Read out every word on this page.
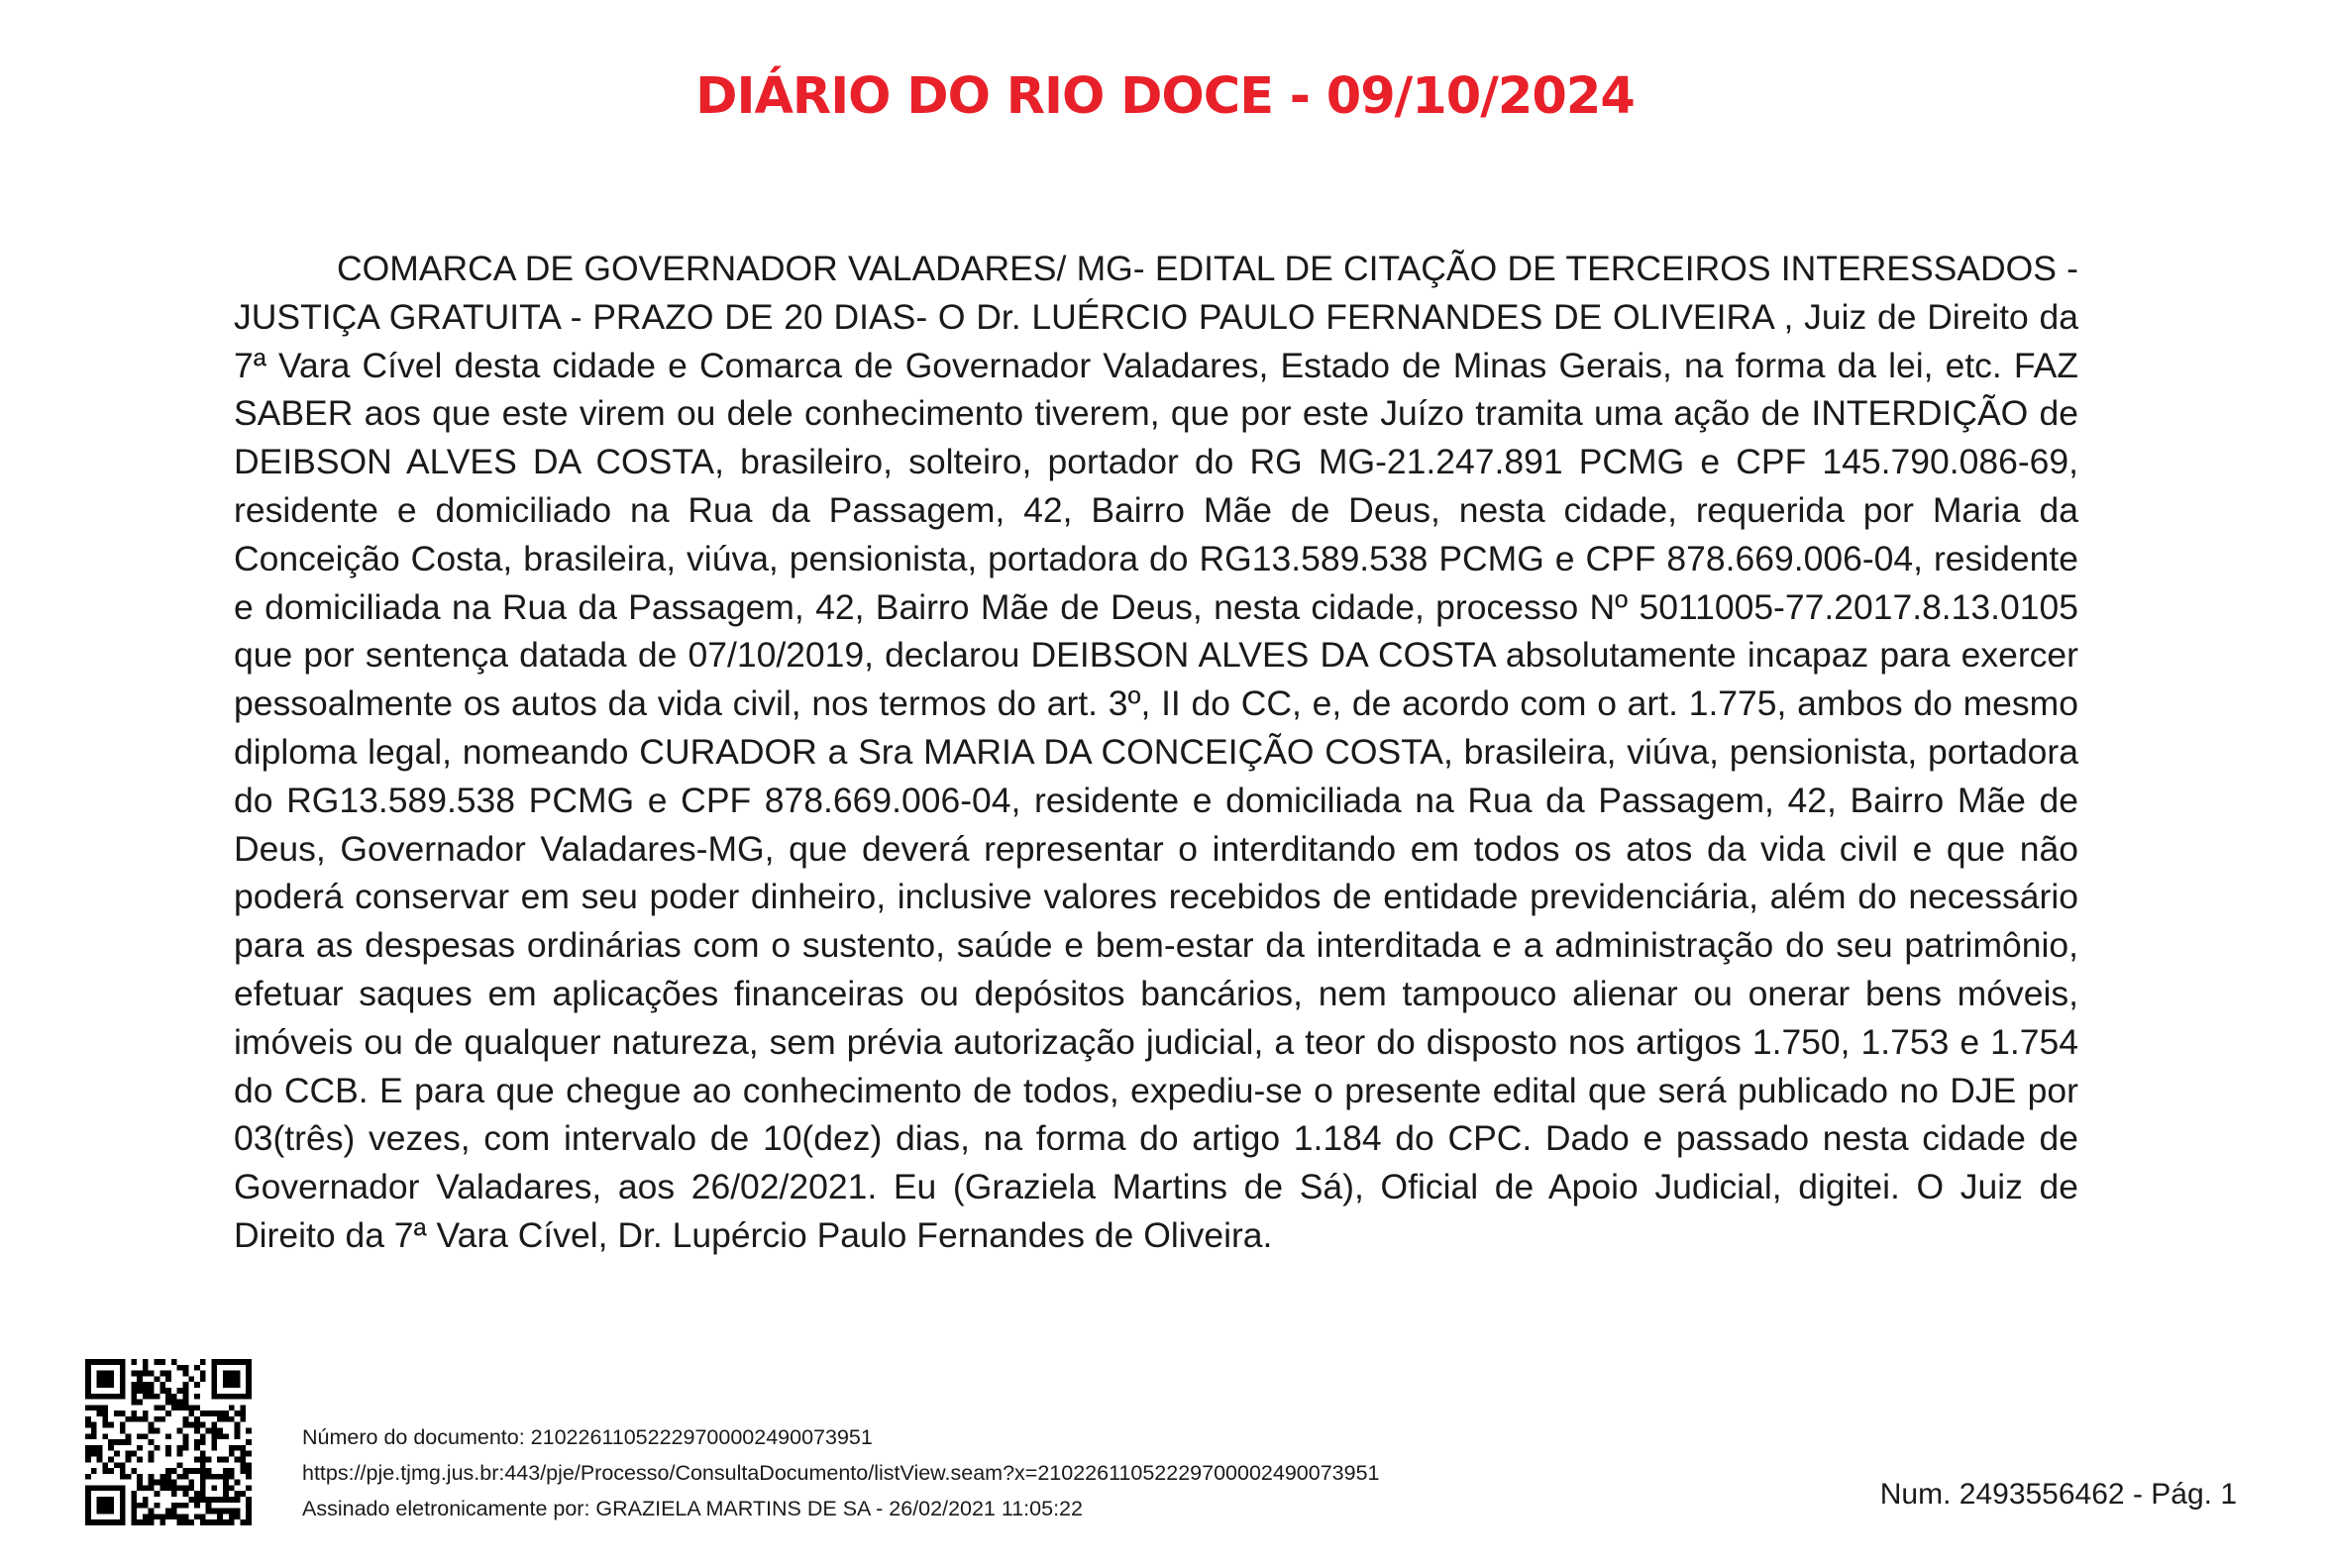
DIÁRIO DO RIO DOCE - 09/10/2024

COMARCA DE GOVERNADOR VALADARES/ MG- EDITAL DE CITAÇÃO DE TERCEIROS INTERESSADOS - JUSTIÇA GRATUITA - PRAZO DE 20 DIAS- O Dr. LUÉRCIO PAULO FERNANDES DE OLIVEIRA , Juiz de Direito da 7ª Vara Cível desta cidade e Comarca de Governador Valadares, Estado de Minas Gerais, na forma da lei, etc. FAZ SABER aos que este virem ou dele conhecimento tiverem, que por este Juízo tramita uma ação de INTERDIÇÃO de DEIBSON ALVES DA COSTA, brasileiro, solteiro, portador do RG MG-21.247.891 PCMG e CPF 145.790.086-69, residente e domiciliado na Rua da Passagem, 42, Bairro Mãe de Deus, nesta cidade, requerida por Maria da Conceição Costa, brasileira, viúva, pensionista, portadora do RG13.589.538 PCMG e CPF 878.669.006-04, residente e domiciliada na Rua da Passagem, 42, Bairro Mãe de Deus, nesta cidade, processo Nº 5011005-77.2017.8.13.0105 que por sentença datada de 07/10/2019, declarou DEIBSON ALVES DA COSTA absolutamente incapaz para exercer pessoalmente os autos da vida civil, nos termos do art. 3º, II do CC, e, de acordo com o art. 1.775, ambos do mesmo diploma legal, nomeando CURADOR a Sra MARIA DA CONCEIÇÃO COSTA, brasileira, viúva, pensionista, portadora do RG13.589.538 PCMG e CPF 878.669.006-04, residente e domiciliada na Rua da Passagem, 42, Bairro Mãe de Deus, Governador Valadares-MG, que deverá representar o interditando em todos os atos da vida civil e que não poderá conservar em seu poder dinheiro, inclusive valores recebidos de entidade previdenciária, além do necessário para as despesas ordinárias com o sustento, saúde e bem-estar da interditada e a administração do seu patrimônio, efetuar saques em aplicações financeiras ou depósitos bancários, nem tampouco alienar ou onerar bens móveis, imóveis ou de qualquer natureza, sem prévia autorização judicial, a teor do disposto nos artigos 1.750, 1.753 e 1.754 do CCB. E para que chegue ao conhecimento de todos, expediu-se o presente edital que será publicado no DJE por 03(três) vezes, com intervalo de 10(dez) dias, na forma do artigo 1.184 do CPC. Dado e passado nesta cidade de Governador Valadares, aos 26/02/2021. Eu (Graziela Martins de Sá), Oficial de Apoio Judicial, digitei. O Juiz de Direito da 7ª Vara Cível, Dr. Lupércio Paulo Fernandes de Oliveira.

Número do documento: 21022611052229700002490073951
https://pje.tjmg.jus.br:443/pje/Processo/ConsultaDocumento/listView.seam?x=21022611052229700002490073951
Assinado eletronicamente por: GRAZIELA MARTINS DE SA - 26/02/2021 11:05:22	Num. 2493556462 - Pág. 1
